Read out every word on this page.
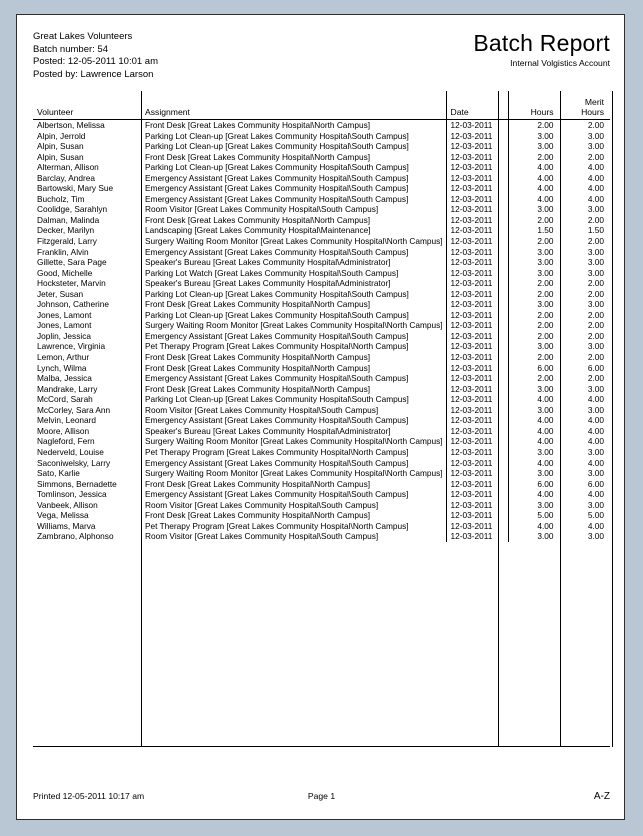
Great Lakes Volunteers
Batch number: 54
Posted: 12-05-2011 10:01 am
Posted by: Lawrence Larson
Batch Report
Internal Volgistics Account
Volunteer	Assignment	Date	Hours	Merit
Hours
Albertson, Melissa	Front Desk [Great Lakes Community Hospital\North Campus]	12-03-2011	2.00	2.00
Alpin, Jerrold	Parking Lot Clean-up [Great Lakes Community Hospital\South Campus]	12-03-2011	3.00	3.00
Alpin, Susan	Parking Lot Clean-up [Great Lakes Community Hospital\South Campus]	12-03-2011	3.00	3.00
Alpin, Susan	Front Desk [Great Lakes Community Hospital\North Campus]	12-03-2011	2.00	2.00
Alterman, Allison	Parking Lot Clean-up [Great Lakes Community Hospital\South Campus]	12-03-2011	4.00	4.00
Barclay, Andrea	Emergency Assistant [Great Lakes Community Hospital\South Campus]	12-03-2011	4.00	4.00
Bartowski, Mary Sue	Emergency Assistant [Great Lakes Community Hospital\South Campus]	12-03-2011	4.00	4.00
Bucholz, Tim	Emergency Assistant [Great Lakes Community Hospital\South Campus]	12-03-2011	4.00	4.00
Coolidge, Sarahlyn	Room Visitor [Great Lakes Community Hospital\South Campus]	12-03-2011	3.00	3.00
Dalman, Malinda	Front Desk [Great Lakes Community Hospital\North Campus]	12-03-2011	2.00	2.00
Decker, Marilyn	Landscaping [Great Lakes Community Hospital\Maintenance]	12-03-2011	1.50	1.50
Fitzgerald, Larry	Surgery Waiting Room Monitor [Great Lakes Community Hospital\North Campus]	12-03-2011	2.00	2.00
Franklin, Alvin	Emergency Assistant [Great Lakes Community Hospital\South Campus]	12-03-2011	3.00	3.00
Gillette, Sara Page	Speaker's Bureau [Great Lakes Community Hospital\Administrator]	12-03-2011	3.00	3.00
Good, Michelle	Parking Lot Watch [Great Lakes Community Hospital\South Campus]	12-03-2011	3.00	3.00
Hocksteter, Marvin	Speaker's Bureau [Great Lakes Community Hospital\Administrator]	12-03-2011	2.00	2.00
Jeter, Susan	Parking Lot Clean-up [Great Lakes Community Hospital\South Campus]	12-03-2011	2.00	2.00
Johnson, Catherine	Front Desk [Great Lakes Community Hospital\North Campus]	12-03-2011	3.00	3.00
Jones, Lamont	Parking Lot Clean-up [Great Lakes Community Hospital\South Campus]	12-03-2011	2.00	2.00
Jones, Lamont	Surgery Waiting Room Monitor [Great Lakes Community Hospital\North Campus]	12-03-2011	2.00	2.00
Joplin, Jessica	Emergency Assistant [Great Lakes Community Hospital\South Campus]	12-03-2011	2.00	2.00
Lawrence, Virginia	Pet Therapy Program [Great Lakes Community Hospital\North Campus]	12-03-2011	3.00	3.00
Lemon, Arthur	Front Desk [Great Lakes Community Hospital\North Campus]	12-03-2011	2.00	2.00
Lynch, Wilma	Front Desk [Great Lakes Community Hospital\North Campus]	12-03-2011	6.00	6.00
Malba, Jessica	Emergency Assistant [Great Lakes Community Hospital\South Campus]	12-03-2011	2.00	2.00
Mandrake, Larry	Front Desk [Great Lakes Community Hospital\North Campus]	12-03-2011	3.00	3.00
McCord, Sarah	Parking Lot Clean-up [Great Lakes Community Hospital\South Campus]	12-03-2011	4.00	4.00
McCorley, Sara Ann	Room Visitor [Great Lakes Community Hospital\South Campus]	12-03-2011	3.00	3.00
Melvin, Leonard	Emergency Assistant [Great Lakes Community Hospital\South Campus]	12-03-2011	4.00	4.00
Moore, Allison	Speaker's Bureau [Great Lakes Community Hospital\Administrator]	12-03-2011	4.00	4.00
Nagleford, Fern	Surgery Waiting Room Monitor [Great Lakes Community Hospital\North Campus]	12-03-2011	4.00	4.00
Nederveld, Louise	Pet Therapy Program [Great Lakes Community Hospital\North Campus]	12-03-2011	3.00	3.00
Saconiwelsky, Larry	Emergency Assistant [Great Lakes Community Hospital\South Campus]	12-03-2011	4.00	4.00
Sato, Karlie	Surgery Waiting Room Monitor [Great Lakes Community Hospital\North Campus]	12-03-2011	3.00	3.00
Simmons, Bernadette	Front Desk [Great Lakes Community Hospital\North Campus]	12-03-2011	6.00	6.00
Tomlinson, Jessica	Emergency Assistant [Great Lakes Community Hospital\South Campus]	12-03-2011	4.00	4.00
Vanbeek, Allison	Room Visitor [Great Lakes Community Hospital\South Campus]	12-03-2011	3.00	3.00
Vega, Melissa	Front Desk [Great Lakes Community Hospital\North Campus]	12-03-2011	5.00	5.00
Williams, Marva	Pet Therapy Program [Great Lakes Community Hospital\North Campus]	12-03-2011	4.00	4.00
Zambrano, Alphonso	Room Visitor [Great Lakes Community Hospital\South Campus]	12-03-2011	3.00	3.00
Printed 12-05-2011 10:17 am	Page 1	A-Z
